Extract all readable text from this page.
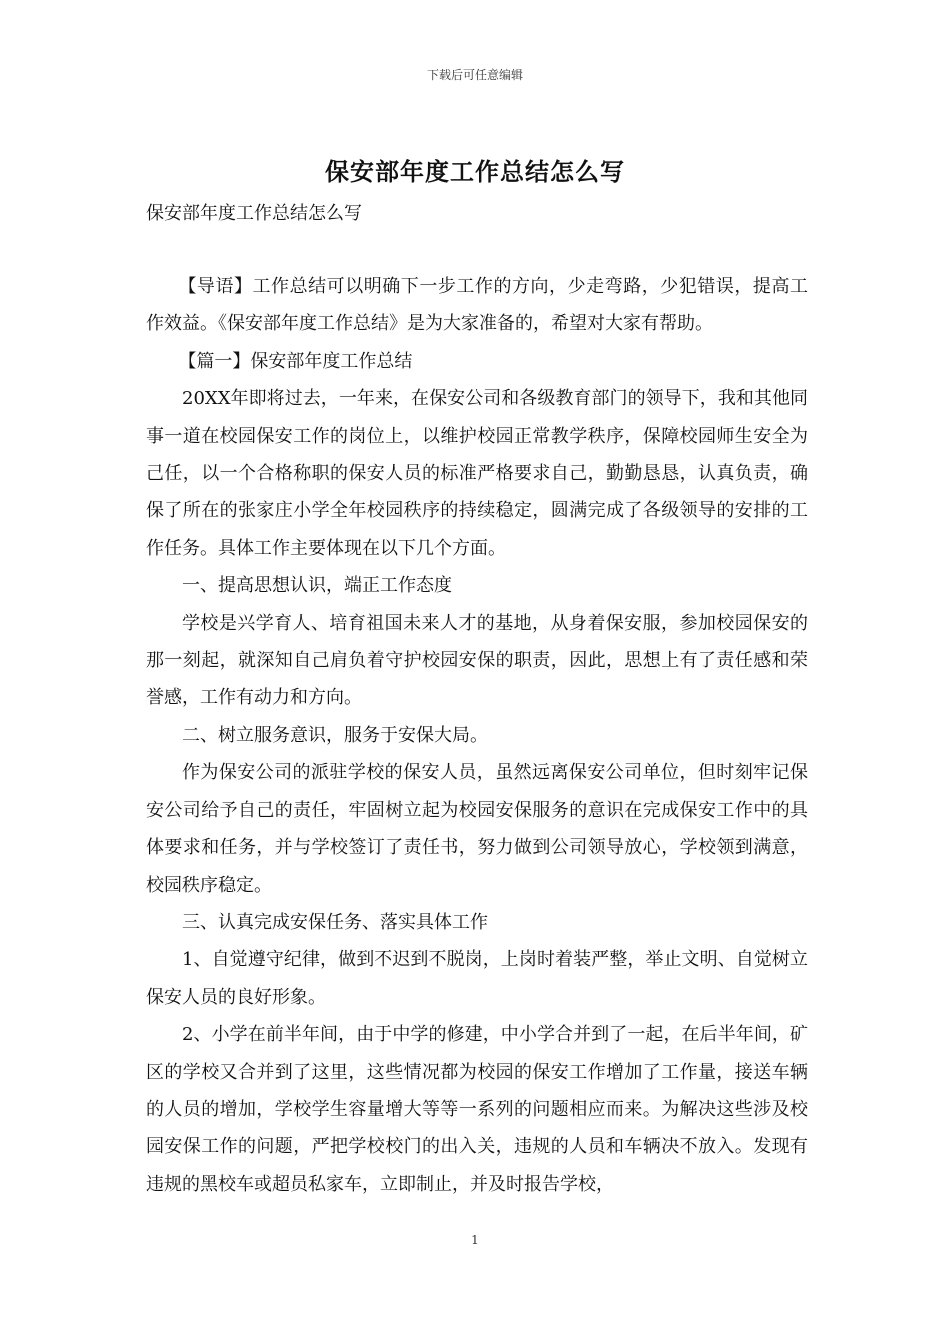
下载后可任意编辑
保安部年度工作总结怎么写

保安部年度工作总结怎么写

【导语】工作总结可以明确下一步工作的方向，少走弯路，少犯错误，提高工作效益。《保安部年度工作总结》是为大家准备的，希望对大家有帮助。

【篇一】保安部年度工作总结

20XX年即将过去，一年来，在保安公司和各级教育部门的领导下，我和其他同事一道在校园保安工作的岗位上，以维护校园正常教学秩序，保障校园师生安全为己任，以一个合格称职的保安人员的标准严格要求自己，勤勤恳恳，认真负责，确保了所在的张家庄小学全年校园秩序的持续稳定，圆满完成了各级领导的安排的工作任务。具体工作主要体现在以下几个方面。

一、提高思想认识，端正工作态度

学校是兴学育人、培育祖国未来人才的基地，从身着保安服，参加校园保安的那一刻起，就深知自己肩负着守护校园安保的职责，因此，思想上有了责任感和荣誉感，工作有动力和方向。

二、树立服务意识，服务于安保大局。

作为保安公司的派驻学校的保安人员，虽然远离保安公司单位，但时刻牢记保安公司给予自己的责任，牢固树立起为校园安保服务的意识在完成保安工作中的具体要求和任务，并与学校签订了责任书，努力做到公司领导放心，学校领到满意，校园秩序稳定。

三、认真完成安保任务、落实具体工作

1、自觉遵守纪律，做到不迟到不脱岗，上岗时着装严整，举止文明、自觉树立保安人员的良好形象。

2、小学在前半年间，由于中学的修建，中小学合并到了一起，在后半年间，矿区的学校又合并到了这里，这些情况都为校园的保安工作增加了工作量，接送车辆的人员的增加，学校学生容量增大等等一系列的问题相应而来。为解决这些涉及校园安保工作的问题，严把学校校门的出入关，违规的人员和车辆决不放入。发现有违规的黑校车或超员私家车，立即制止，并及时报告学校，

1
